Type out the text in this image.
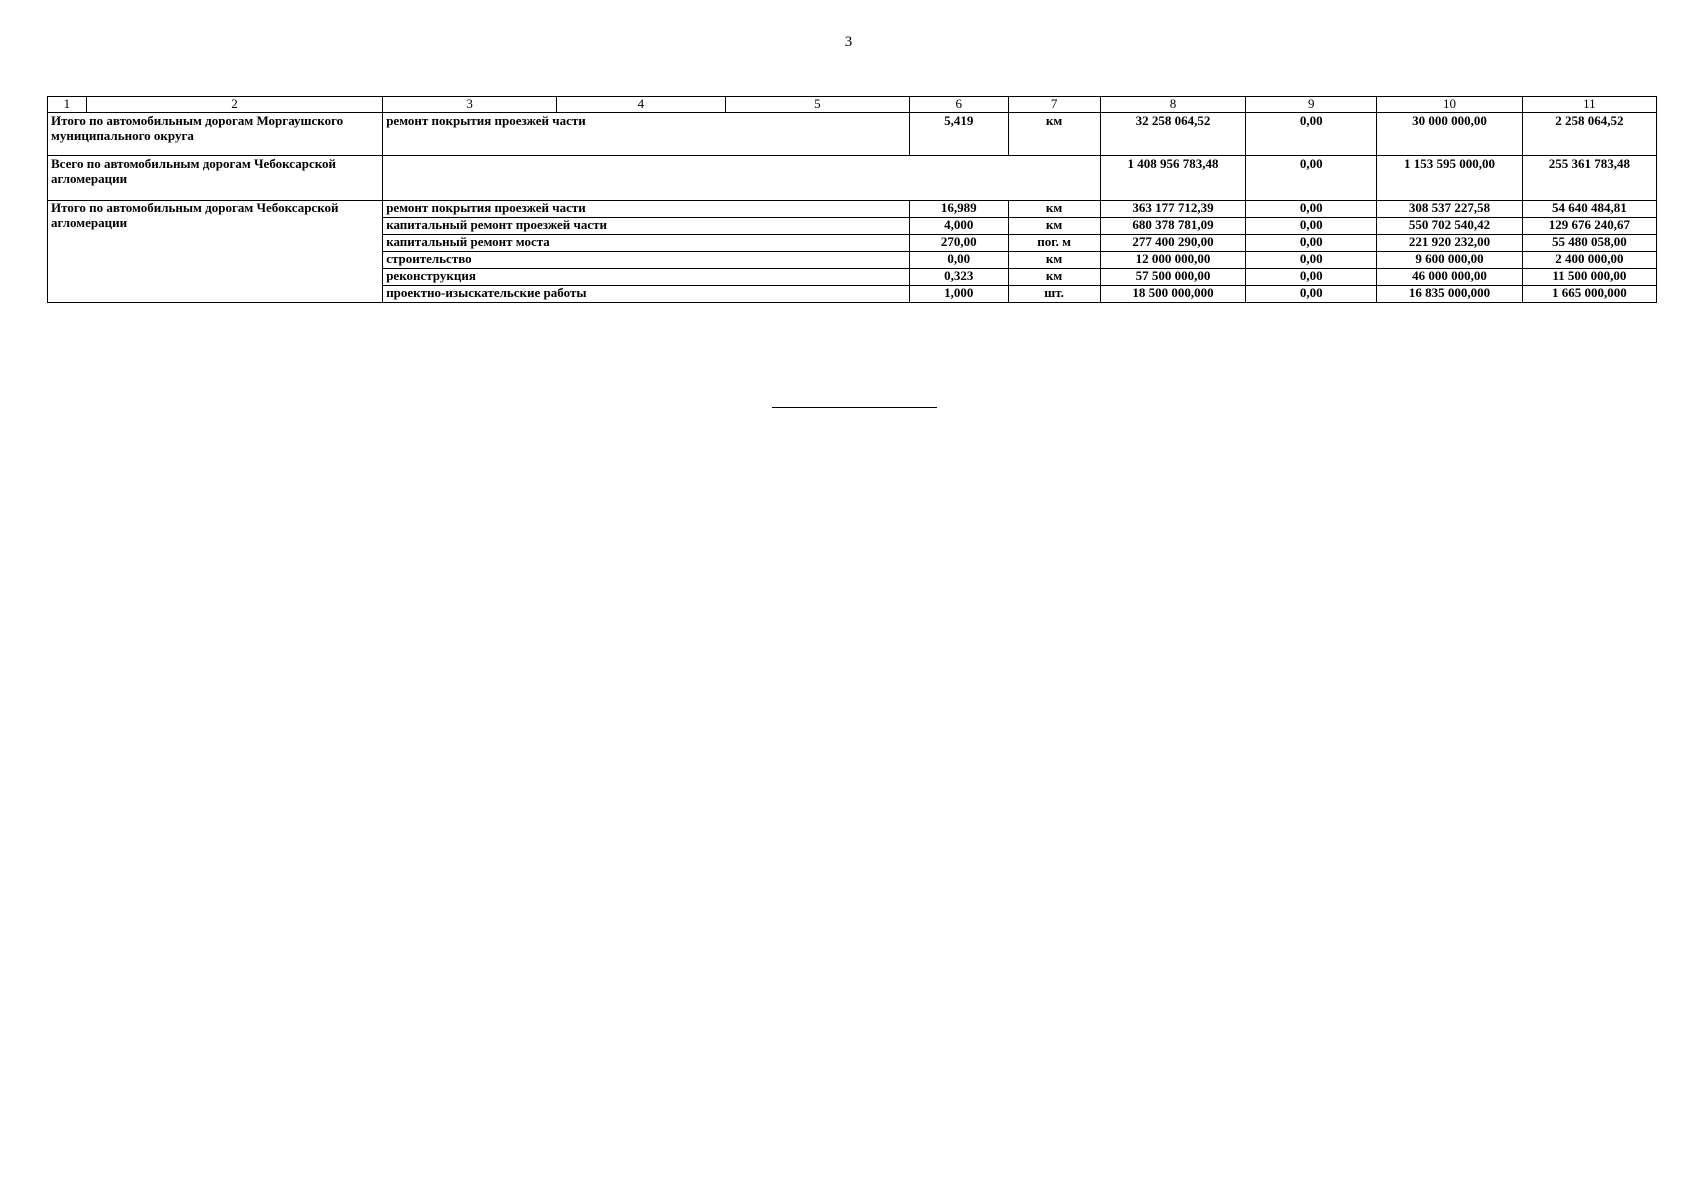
3
1	2	3	4	5	6	7	8	9	10	11
Итого по автомобильным дорогам Моргаушского муниципального округа		ремонт покрытия проезжей части			5,419	км	32 258 064,52	0,00	30 000 000,00	2 258 064,52
Всего по автомобильным дорогам Чебоксарской агломерации							1 408 956 783,48	0,00	1 153 595 000,00	255 361 783,48
Итого по автомобильным дорогам Чебоксарской агломерации		ремонт покрытия проезжей части			16,989	км	363 177 712,39	0,00	308 537 227,58	54 640 484,81
		капитальный ремонт проезжей части			4,000	км	680 378 781,09	0,00	550 702 540,42	129 676 240,67
		капитальный ремонт моста			270,00	пог. м	277 400 290,00	0,00	221 920 232,00	55 480 058,00
		строительство			0,00	км	12 000 000,00	0,00	9 600 000,00	2 400 000,00
		реконструкция			0,323	км	57 500 000,00	0,00	46 000 000,00	11 500 000,00
		проектно-изыскательские работы			1,000	шт.	18 500 000,000	0,00	16 835 000,000	1 665 000,000
